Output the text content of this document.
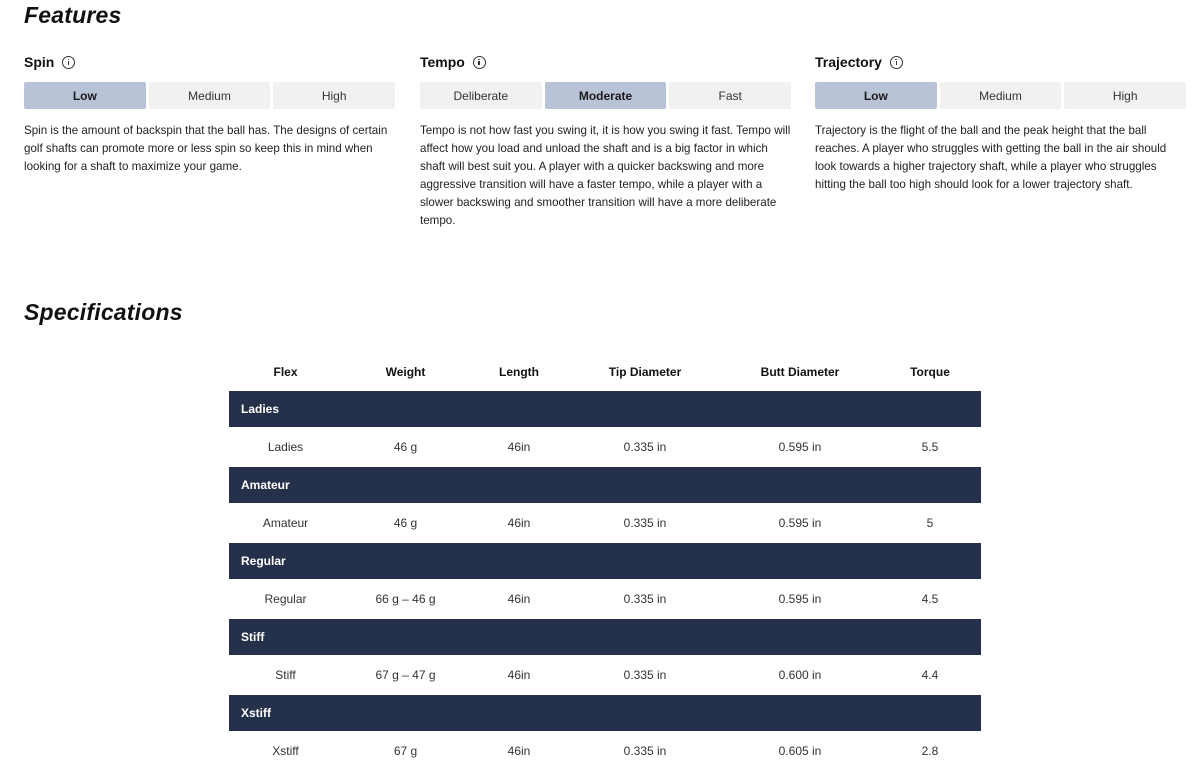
Features
Spin
Low	Medium	High

Spin is the amount of backspin that the ball has. The designs of certain golf shafts can promote more or less spin so keep this in mind when looking for a shaft to maximize your game.

Tempo
Deliberate	Moderate	Fast

Tempo is not how fast you swing it, it is how you swing it fast. Tempo will affect how you load and unload the shaft and is a big factor in which shaft will best suit you. A player with a quicker backswing and more aggressive transition will have a faster tempo, while a player with a slower backswing and smoother transition will have a more deliberate tempo.

Trajectory
Low	Medium	High

Trajectory is the flight of the ball and the peak height that the ball reaches. A player who struggles with getting the ball in the air should look towards a higher trajectory shaft, while a player who struggles hitting the ball too high should look for a lower trajectory shaft.

Specifications
Flex	Weight	Length	Tip Diameter	Butt Diameter	Torque
Ladies
Ladies	46 g	46in	0.335 in	0.595 in	5.5
Amateur
Amateur	46 g	46in	0.335 in	0.595 in	5
Regular
Regular	66 g – 46 g	46in	0.335 in	0.595 in	4.5
Stiff
Stiff	67 g – 47 g	46in	0.335 in	0.600 in	4.4
Xstiff
Xstiff	67 g	46in	0.335 in	0.605 in	2.8
